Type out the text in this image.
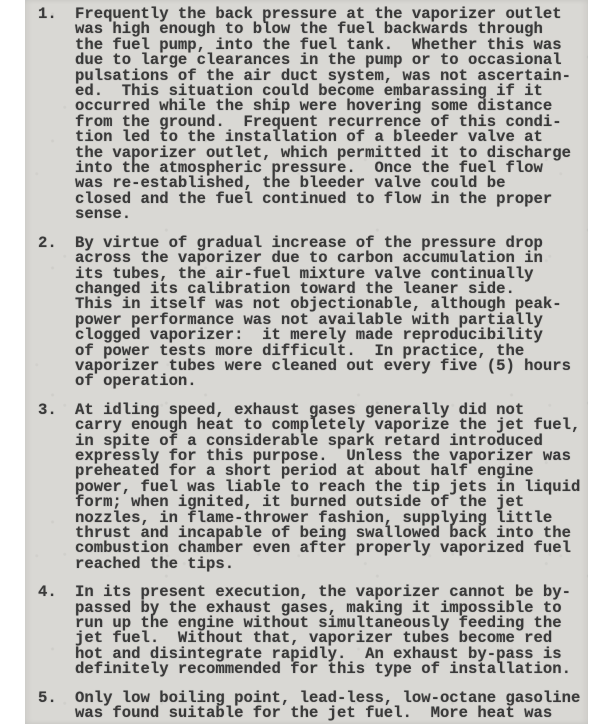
1.	Frequently the back pressure at the vaporizer outlet
was high enough to blow the fuel backwards through
the fuel pump, into the fuel tank.  Whether this was
due to large clearances in the pump or to occasional
pulsations of the air duct system, was not ascertain-
ed.  This situation could become embarassing if it
occurred while the ship were hovering some distance
from the ground.  Frequent recurrence of this condi-
tion led to the installation of a bleeder valve at
the vaporizer outlet, which permitted it to discharge
into the atmospheric pressure.  Once the fuel flow
was re-established, the bleeder valve could be
closed and the fuel continued to flow in the proper
sense.
2.	By virtue of gradual increase of the pressure drop
across the vaporizer due to carbon accumulation in
its tubes, the air-fuel mixture valve continually
changed its calibration toward the leaner side.
This in itself was not objectionable, although peak-
power performance was not available with partially
clogged vaporizer:  it merely made reproducibility
of power tests more difficult.  In practice, the
vaporizer tubes were cleaned out every five (5) hours
of operation.
3.	At idling speed, exhaust gases generally did not
carry enough heat to completely vaporize the jet fuel,
in spite of a considerable spark retard introduced
expressly for this purpose.  Unless the vaporizer was
preheated for a short period at about half engine
power, fuel was liable to reach the tip jets in liquid
form; when ignited, it burned outside of the jet
nozzles, in flame-thrower fashion, supplying little
thrust and incapable of being swallowed back into the
combustion chamber even after properly vaporized fuel
reached the tips.
4.	In its present execution, the vaporizer cannot be by-
passed by the exhaust gases, making it impossible to
run up the engine without simultaneously feeding the
jet fuel.  Without that, vaporizer tubes become red
hot and disintegrate rapidly.  An exhaust by-pass is
definitely recommended for this type of installation.
5.	Only low boiling point, lead-less, low-octane gasoline
was found suitable for the jet fuel.  More heat was
